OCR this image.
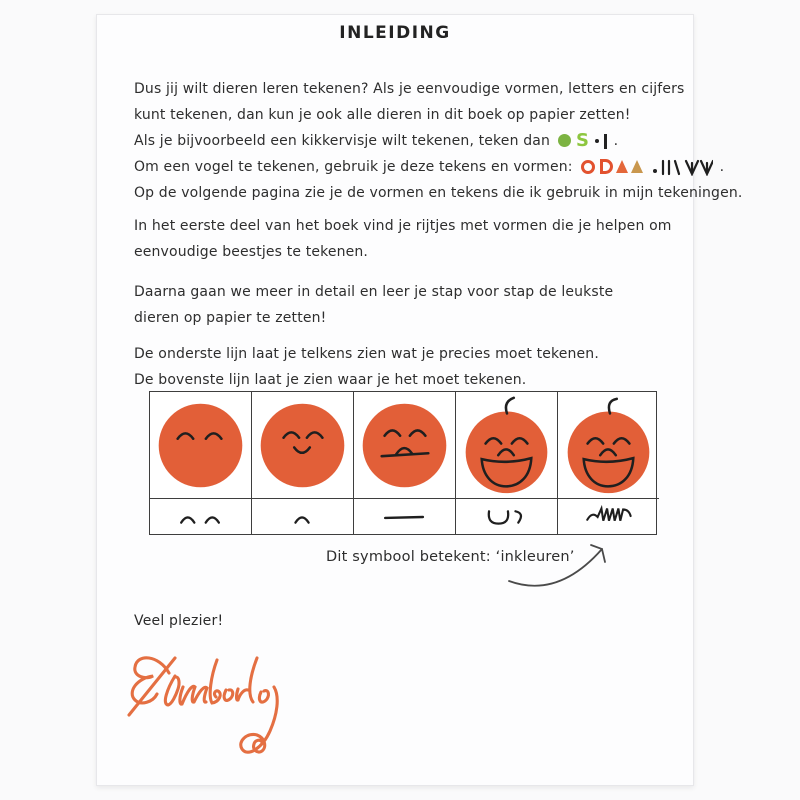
INLEIDING
Dus jij wilt dieren leren tekenen? Als je eenvoudige vormen, letters en cijfers
kunt tekenen, dan kun je ook alle dieren in dit boek op papier zetten!
Als je bijvoorbeeld een kikkervisje wilt tekenen, teken dan S .
Om een vogel te tekenen, gebruik je deze tekens en vormen:	.
Op de volgende pagina zie je de vormen en tekens die ik gebruik in mijn tekeningen.
In het eerste deel van het boek vind je rijtjes met vormen die je helpen om
eenvoudige beestjes te tekenen.
Daarna gaan we meer in detail en leer je stap voor stap de leukste
dieren op papier te zetten!
De onderste lijn laat je telkens zien wat je precies moet tekenen.
De bovenste lijn laat je zien waar je het moet tekenen.
Dit symbool betekent: ‘inkleuren’
Veel plezier!
